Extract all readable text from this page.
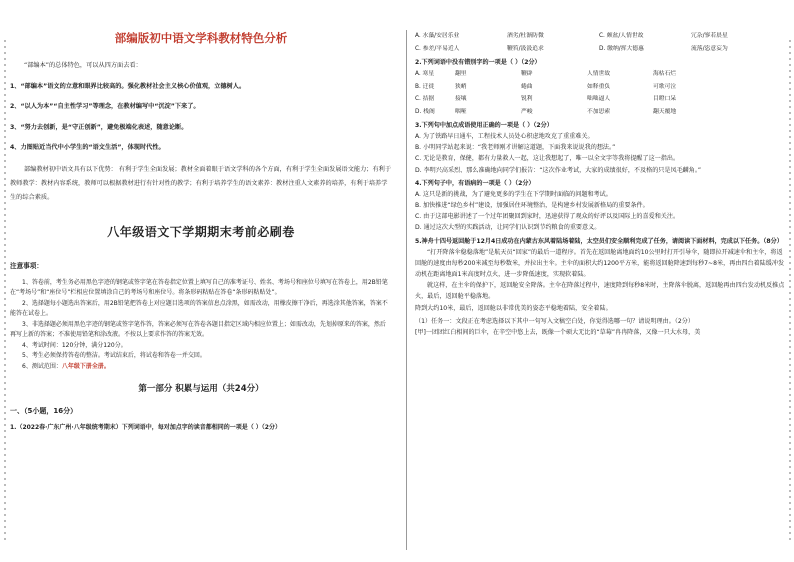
部编版初中语文学科教材特色分析
“部编本”的总体特色，可以从四方面去看：
1、“部编本”语文的立意和眼界比较高的。强化教材社会主义核心价值观，立德树人。
2、“以人为本”“自主性学习”等理念，在教材编写中“沉淀”下来了。
3、“努力去创新，是“守正创新”，避免极端化表述，随意论断。
4、力图贴近当代中小学生的“语文生活”，体现时代性。
部编教材初中语文具有以下优势： 有利于学生全面发展；教材全面着眼于语文学科的各个方面，有利于学生全面发展语文能力；有利于教师教学：教材内容系统，教师可以根据教材进行有针对性的教学；有利于培养学生的语文素养：教材注重人文素养的培养，有利于培养学生的综合素质。
八年级语文下学期期末考前必刷卷
注意事项：
1、答卷前，考生务必用黑色字迹的钢笔或签字笔在答卷指定位置上填写自己的准考证号、姓名、考场号和座位号填写在答卷上，用2B铅笔在“考场号”和“座位号”栏相应位置填涂自己的考场号和座位号。将条形码粘贴在答卷“条形码粘贴处”。
2、选择题每小题选出答案后，用2B铅笔把答卷上对应题目选项的答案信息点涂黑，如需改动，用橡皮擦干净后，再选涂其他答案，答案不能答在试卷上。
3、非选择题必须用黑色字迹的钢笔或签字笔作答，答案必须写在答卷各题目指定区域内相应位置上；如需改动，先划掉原来的答案，然后再写上新的答案；不准使用铅笔和涂改液。不按以上要求作答的答案无效。
4、考试时间：120分钟，满分120分。
5、考生必须保持答卷的整洁。考试结束后，将试卷和答卷一并交回。
6、测试范围：八年级下册全册。
第一部分 积累与运用（共24分）
一、（5小题，16分）
1.（2022春·广东广州·八年级统考期末）下列词语中，每对加点字的读音都相同的一项是（ ）（2分）
A. 水藻/安居乐业	酒劣/杜渐防微	C. 颇盆/人情世故	冗杂/寥若晨星
C. 参差/平易近人	鞭笞/汲汲追求	D. 缴纳/挥大德惠	流落/恣意妄为
2.下列词语中没有错别字的一项是（ ）（2分）
A. 寒星	翻里	鞭辟	人情世故	海枯石烂
B. 迁徙	狭峭	蜷曲	如释重负	可歌可泣
C. 拮据	接壤	锐利	咄咄逼人	目瞪口呆
D. 栈阁	咽哑	严峻	不加思索	翻天覆地
3.下列句中加点成语使用正确的一项是（ ）（2分）
A. 为了铁路早日通车，工程技术人员处心积虑地攻克了重重难关。
B. 小明同学站起来说：“我老师刚才讲解这道题，下面我来说说我的想法。”
C. 无论是教育，保健，都有力量救人一起，这让我想起了，唯一以全文字等我将提醒了这一指出。
D. 李明兴高采烈、那么准确地向同学们报告：“这次作业考试，大家的成绩很好，不及格的只是凤毛麟角。”
4.下列句子中，有语病的一项是（ ）（2分）
A. 这只是新的挑战，为了避免更多的学生在下学期时面临的问题和考试。
B. 加快推进“绿色乡村”建设，加强居住环境整治，是构建乡村发展新格局的重要条件。
C. 由于这部电影讲述了一个过年团聚回到家时，迅速获得了观众的好评以及国际上的喜爱和关注。
D. 通过这次大型的实践活动，让同学们认识到节约粮食的重要意义。
5.神舟十四号返回舱于12月4日成功在内蒙古东风着陆场着陆，太空员们安全顺利完成了任务，请阅读下面材料，完成以下任务。（8分）
“打开降落伞稳稳落地”是航天员“回家”的最后一道程序。首先在返回舱离地面约10公里时打开引导伞，随即拉开减速伞和主伞，将返回舱的速度由每秒200米减至每秒数米，并拉出主伞。主伞的面积大约1200平方米，能将返回舱降速到每秒7~8米，再由四台着陆缓冲发动机在距离地面1米高度时点火，进一步降低速度，实现软着陆。
就这样，在主伞的保护下，返回舱安全降落。主伞在降落过程中，速度降到每秒8米时，主降落伞脱离，返回舱再由四台发动机反推点火，最后，返回舱平稳落地。
降到大约10米，最后，返回舱以非常优美的姿态平稳地着陆，安全着陆。
（1）任务一：文段正在考虑选择以下其中一句写入文稿空白处，你觉得选哪一句？请说明理由。（2分）
[甲]一团团红白相间的巨伞，在辛空中悠上去，既像一个硕大无比的“草莓”冉冉降落，又像一只大水母，美
